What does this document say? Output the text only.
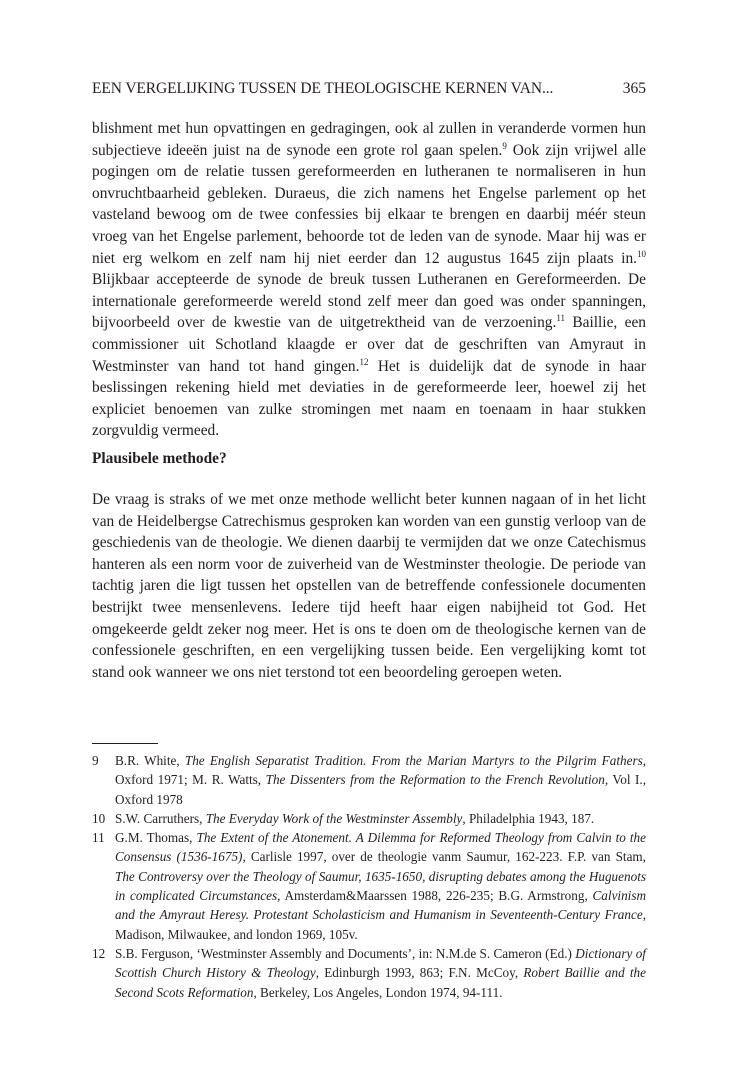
EEN VERGELIJKING TUSSEN DE THEOLOGISCHE KERNEN VAN...	365

blishment met hun opvattingen en gedragingen, ook al zullen in veranderde vormen hun subjectieve ideeën juist na de synode een grote rol gaan spelen.$^9$ Ook zijn vrijwel alle pogingen om de relatie tussen gereformeerden en lutheranen te normaliseren in hun onvruchtbaarheid gebleken. Duraeus, die zich namens het Engelse parlement op het vasteland bewoog om de twee confessies bij elkaar te brengen en daarbij méér steun vroeg van het Engelse parlement, behoorde tot de leden van de synode. Maar hij was er niet erg welkom en zelf nam hij niet eerder dan 12 augustus 1645 zijn plaats in.$^{10}$ Blijkbaar accepteerde de synode de breuk tussen Lutheranen en Gereformeerden. De internationale gereformeerde wereld stond zelf meer dan goed was onder spanningen, bijvoorbeeld over de kwestie van de uitgetrektheid van de verzoening.$^{11}$ Baillie, een commissioner uit Schotland klaagde er over dat de geschriften van Amyraut in Westminster van hand tot hand gingen.$^{12}$ Het is duidelijk dat de synode in haar beslissingen rekening hield met deviaties in de gereformeerde leer, hoewel zij het expliciet benoemen van zulke stromingen met naam en toenaam in haar stukken zorgvuldig vermeed.

Plausibele methode?

De vraag is straks of we met onze methode wellicht beter kunnen nagaan of in het licht van de Heidelbergse Catrechismus gesproken kan worden van een gunstig verloop van de geschiedenis van de theologie. We dienen daarbij te vermijden dat we onze Catechismus hanteren als een norm voor de zuiverheid van de Westminster theologie. De periode van tachtig jaren die ligt tussen het opstellen van de betreffende confessionele documenten bestrijkt twee mensenlevens. Iedere tijd heeft haar eigen nabijheid tot God. Het omgekeerde geldt zeker nog meer. Het is ons te doen om de theologische kernen van de confessionele geschriften, en een vergelijking tussen beide. Een vergelijking komt tot stand ook wanneer we ons niet terstond tot een beoordeling geroepen weten.

9	B.R. White, The English Separatist Tradition. From the Marian Martyrs to the Pilgrim Fathers, Oxford 1971; M. R. Watts, The Dissenters from the Reformation to the French Revolution, Vol I., Oxford 1978

10 S.W. Carruthers, The Everyday Work of the Westminster Assembly, Philadelphia 1943, 187.

11 G.M. Thomas, The Extent of the Atonement. A Dilemma for Reformed Theology from Calvin to the Consensus (1536-1675), Carlisle 1997, over de theologie vanm Saumur, 162-223. F.P. van Stam, The Controversy over the Theology of Saumur, 1635-1650, disrupting debates among the Huguenots in complicated Circumstances, Amsterdam&Maarssen 1988, 226-235; B.G. Armstrong, Calvinism and the Amyraut Heresy. Protestant Scholasticism and Humanism in Seventeenth-Century France, Madison, Milwaukee, and london 1969, 105v.

12 S.B. Ferguson, ‘Westminster Assembly and Documents’, in: N.M.de S. Cameron (Ed.) Dictionary of Scottish Church History & Theology, Edinburgh 1993, 863; F.N. McCoy, Robert Baillie and the Second Scots Reformation, Berkeley, Los Angeles, London 1974, 94-111.
